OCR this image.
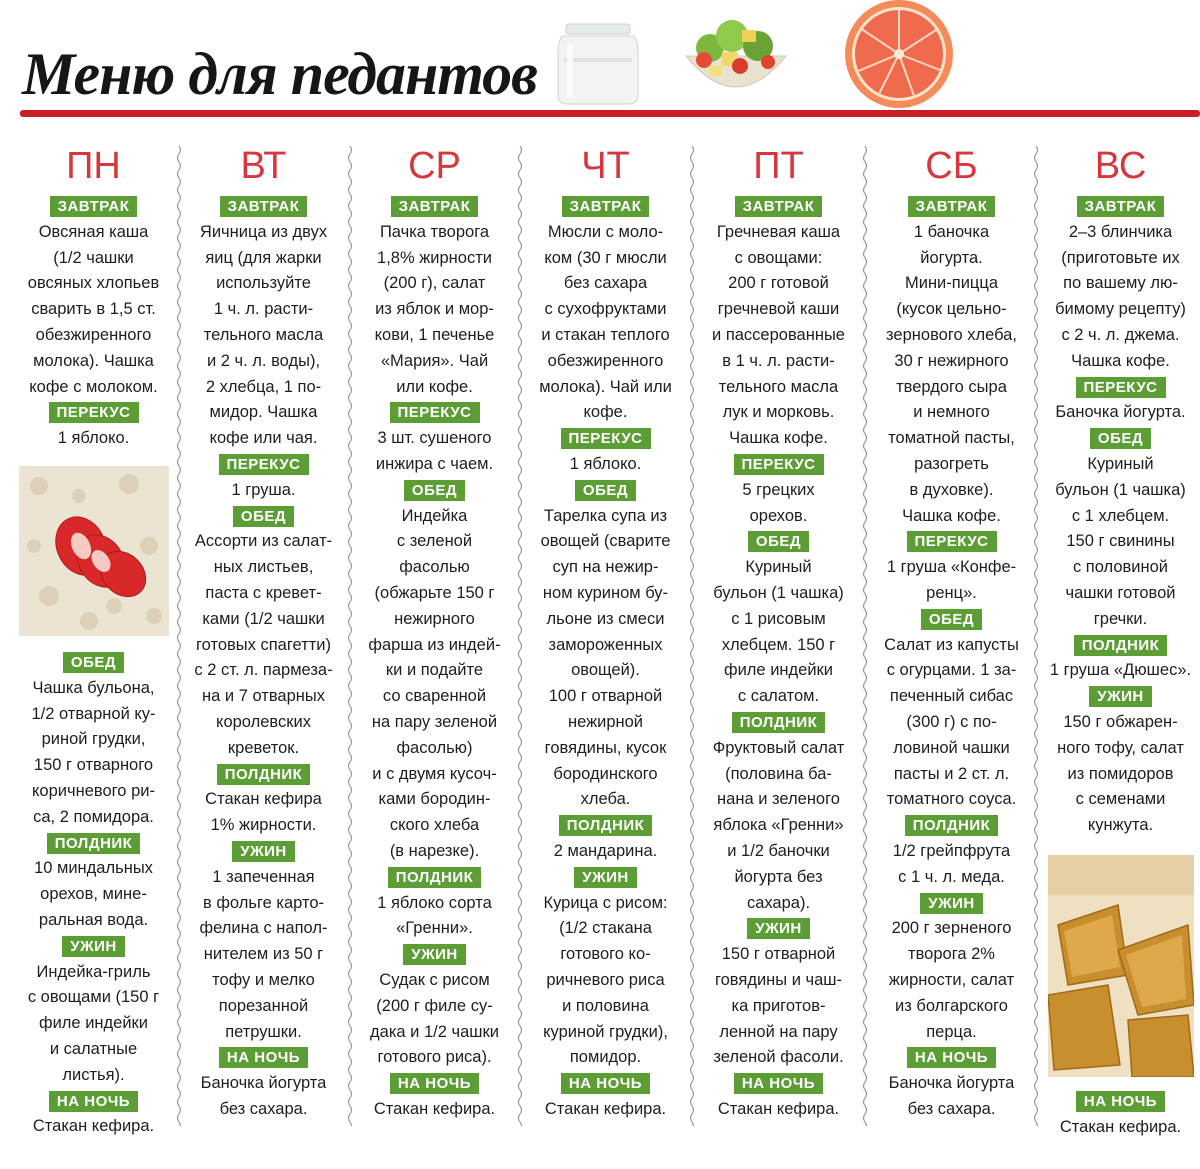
Меню для педантов
ПН
ЗАВТРАК
Овсяная каша
(1/2 чашки
овсяных хлопьев
сварить в 1,5 ст.
обезжиренного
молока). Чашка
кофе с молоком.
ПЕРЕКУС
1 яблоко.
ОБЕД
Чашка бульона,
1/2 отварной ку-
риной грудки,
150 г отварного
коричневого ри-
са, 2 помидора.
ПОЛДНИК
10 миндальных
орехов, мине-
ральная вода.
УЖИН
Индейка-гриль
с овощами (150 г
филе индейки
и салатные
листья).
НА НОЧЬ
Стакан кефира.
ВТ
ЗАВТРАК
Яичница из двух
яиц (для жарки
используйте
1 ч. л. расти-
тельного масла
и 2 ч. л. воды),
2 хлебца, 1 по-
мидор. Чашка
кофе или чая.
ПЕРЕКУС
1 груша.
ОБЕД
Ассорти из салат-
ных листьев,
паста с кревет-
ками (1/2 чашки
готовых спагетти)
с 2 ст. л. пармеза-
на и 7 отварных
королевских
креветок.
ПОЛДНИК
Стакан кефира
1% жирности.
УЖИН
1 запеченная
в фольге карто-
фелина с напол-
нителем из 50 г
тофу и мелко
порезанной
петрушки.
НА НОЧЬ
Баночка йогурта
без сахара.
СР
ЗАВТРАК
Пачка творога
1,8% жирности
(200 г), салат
из яблок и мор-
кови, 1 печенье
«Мария». Чай
или кофе.
ПЕРЕКУС
3 шт. сушеного
инжира с чаем.
ОБЕД
Индейка
с зеленой
фасолью
(обжарьте 150 г
нежирного
фарша из индей-
ки и подайте
со сваренной
на пару зеленой
фасолью)
и с двумя кусоч-
ками бородин-
ского хлеба
(в нарезке).
ПОЛДНИК
1 яблоко сорта
«Гренни».
УЖИН
Судак с рисом
(200 г филе су-
дака и 1/2 чашки
готового риса).
НА НОЧЬ
Стакан кефира.
ЧТ
ЗАВТРАК
Мюсли с моло-
ком (30 г мюсли
без сахара
с сухофруктами
и стакан теплого
обезжиренного
молока). Чай или
кофе.
ПЕРЕКУС
1 яблоко.
ОБЕД
Тарелка супа из
овощей (сварите
суп на нежир-
ном курином бу-
льоне из смеси
замороженных
овощей).
100 г отварной
нежирной
говядины, кусок
бородинского
хлеба.
ПОЛДНИК
2 мандарина.
УЖИН
Курица с рисом:
(1/2 стакана
готового ко-
ричневого риса
и половина
куриной грудки),
помидор.
НА НОЧЬ
Стакан кефира.
ПТ
ЗАВТРАК
Гречневая каша
с овощами:
200 г готовой
гречневой каши
и пассерованные
в 1 ч. л. расти-
тельного масла
лук и морковь.
Чашка кофе.
ПЕРЕКУС
5 грецких
орехов.
ОБЕД
Куриный
бульон (1 чашка)
с 1 рисовым
хлебцем. 150 г
филе индейки
с салатом.
ПОЛДНИК
Фруктовый салат
(половина ба-
нана и зеленого
яблока «Гренни»
и 1/2 баночки
йогурта без
сахара).
УЖИН
150 г отварной
говядины и чаш-
ка приготов-
ленной на пару
зеленой фасоли.
НА НОЧЬ
Стакан кефира.
СБ
ЗАВТРАК
1 баночка
йогурта.
Мини-пицца
(кусок цельно-
зернового хлеба,
30 г нежирного
твердого сыра
и немного
томатной пасты,
разогреть
в духовке).
Чашка кофе.
ПЕРЕКУС
1 груша «Конфе-
ренц».
ОБЕД
Салат из капусты
с огурцами. 1 за-
печенный сибас
(300 г) с по-
ловиной чашки
пасты и 2 ст. л.
томатного соуса.
ПОЛДНИК
1/2 грейпфрута
с 1 ч. л. меда.
УЖИН
200 г зерненого
творога 2%
жирности, салат
из болгарского
перца.
НА НОЧЬ
Баночка йогурта
без сахара.
ВС
ЗАВТРАК
2–3 блинчика
(приготовьте их
по вашему лю-
бимому рецепту)
с 2 ч. л. джема.
Чашка кофе.
ПЕРЕКУС
Баночка йогурта.
ОБЕД
Куриный
бульон (1 чашка)
с 1 хлебцем.
150 г свинины
с половиной
чашки готовой
гречки.
ПОЛДНИК
1 груша «Дюшес».
УЖИН
150 г обжарен-
ного тофу, салат
из помидоров
с семенами
кунжута.
НА НОЧЬ
Стакан кефира.
